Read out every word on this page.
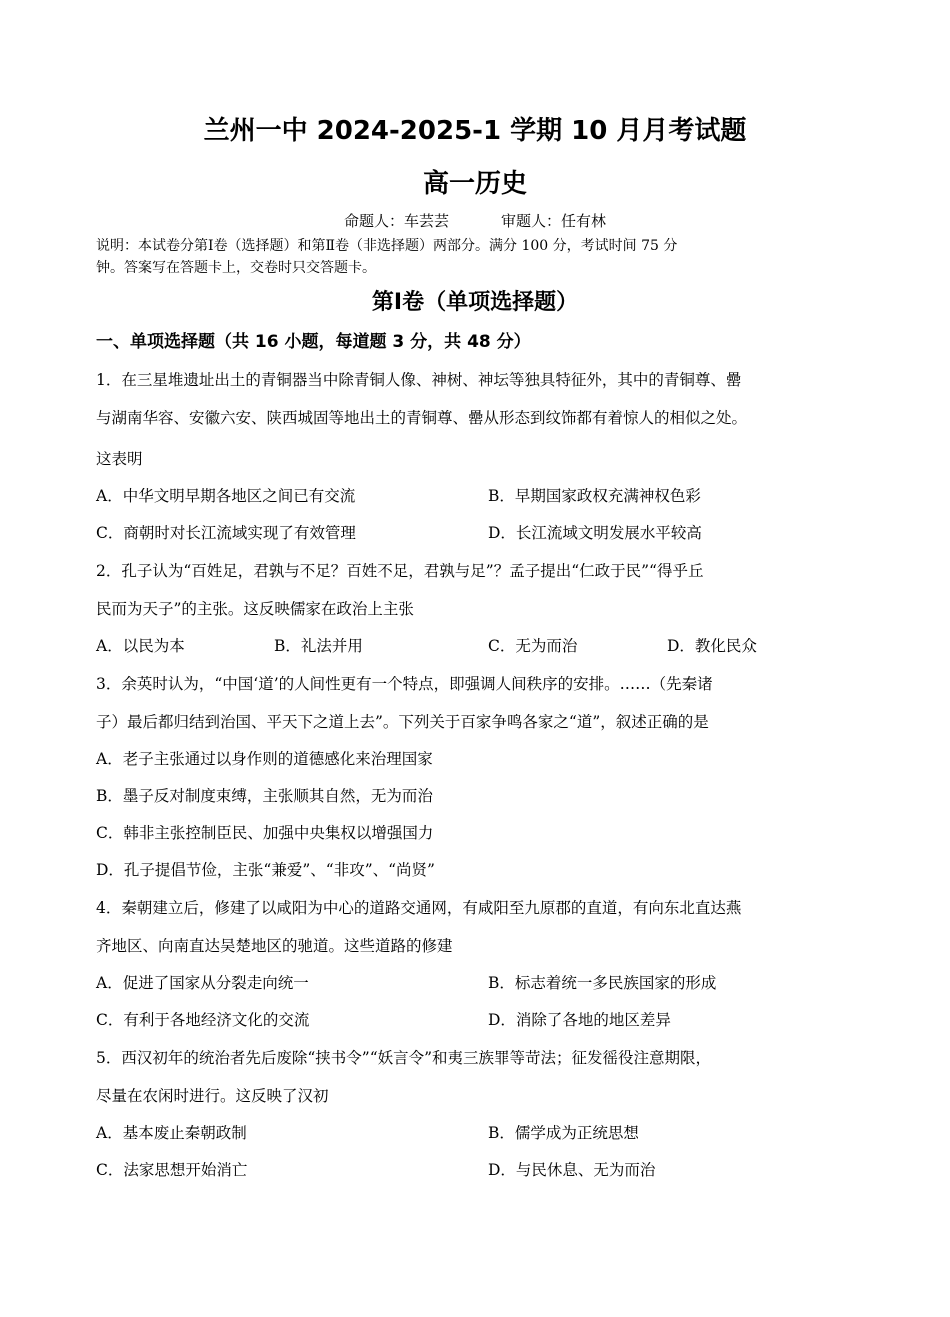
兰州一中 2024-2025-1 学期 10 月月考试题
高一历史
命题人：车芸芸	审题人：任有林
说明：本试卷分第Ⅰ卷（选择题）和第Ⅱ卷（非选择题）两部分。满分 100 分，考试时间 75 分
钟。答案写在答题卡上，交卷时只交答题卡。
第Ⅰ卷（单项选择题）
一、单项选择题（共 16 小题，每道题 3 分，共 48 分）
1．在三星堆遗址出土的青铜器当中除青铜人像、神树、神坛等独具特征外，其中的青铜尊、罍
与湖南华容、安徽六安、陕西城固等地出土的青铜尊、罍从形态到纹饰都有着惊人的相似之处。
这表明
A．中华文明早期各地区之间已有交流	B．早期国家政权充满神权色彩
C．商朝时对长江流域实现了有效管理	D．长江流域文明发展水平较高
2．孔子认为“百姓足，君孰与不足？百姓不足，君孰与足”？孟子提出“仁政于民”“得乎丘
民而为天子”的主张。这反映儒家在政治上主张
A．以民为本	B．礼法并用	C．无为而治	D．教化民众
3．余英时认为，“中国‘道’的人间性更有一个特点，即强调人间秩序的安排。……（先秦诸
子）最后都归结到治国、平天下之道上去”。下列关于百家争鸣各家之“道”，叙述正确的是
A．老子主张通过以身作则的道德感化来治理国家
B．墨子反对制度束缚，主张顺其自然，无为而治
C．韩非主张控制臣民、加强中央集权以增强国力
D．孔子提倡节俭，主张“兼爱”、“非攻”、“尚贤”
4．秦朝建立后，修建了以咸阳为中心的道路交通网，有咸阳至九原郡的直道，有向东北直达燕
齐地区、向南直达吴楚地区的驰道。这些道路的修建
A．促进了国家从分裂走向统一	B．标志着统一多民族国家的形成
C．有利于各地经济文化的交流	D．消除了各地的地区差异
5．西汉初年的统治者先后废除“挟书令”“妖言令”和夷三族罪等苛法；征发徭役注意期限，
尽量在农闲时进行。这反映了汉初
A．基本废止秦朝政制	B．儒学成为正统思想
C．法家思想开始消亡	D．与民休息、无为而治
